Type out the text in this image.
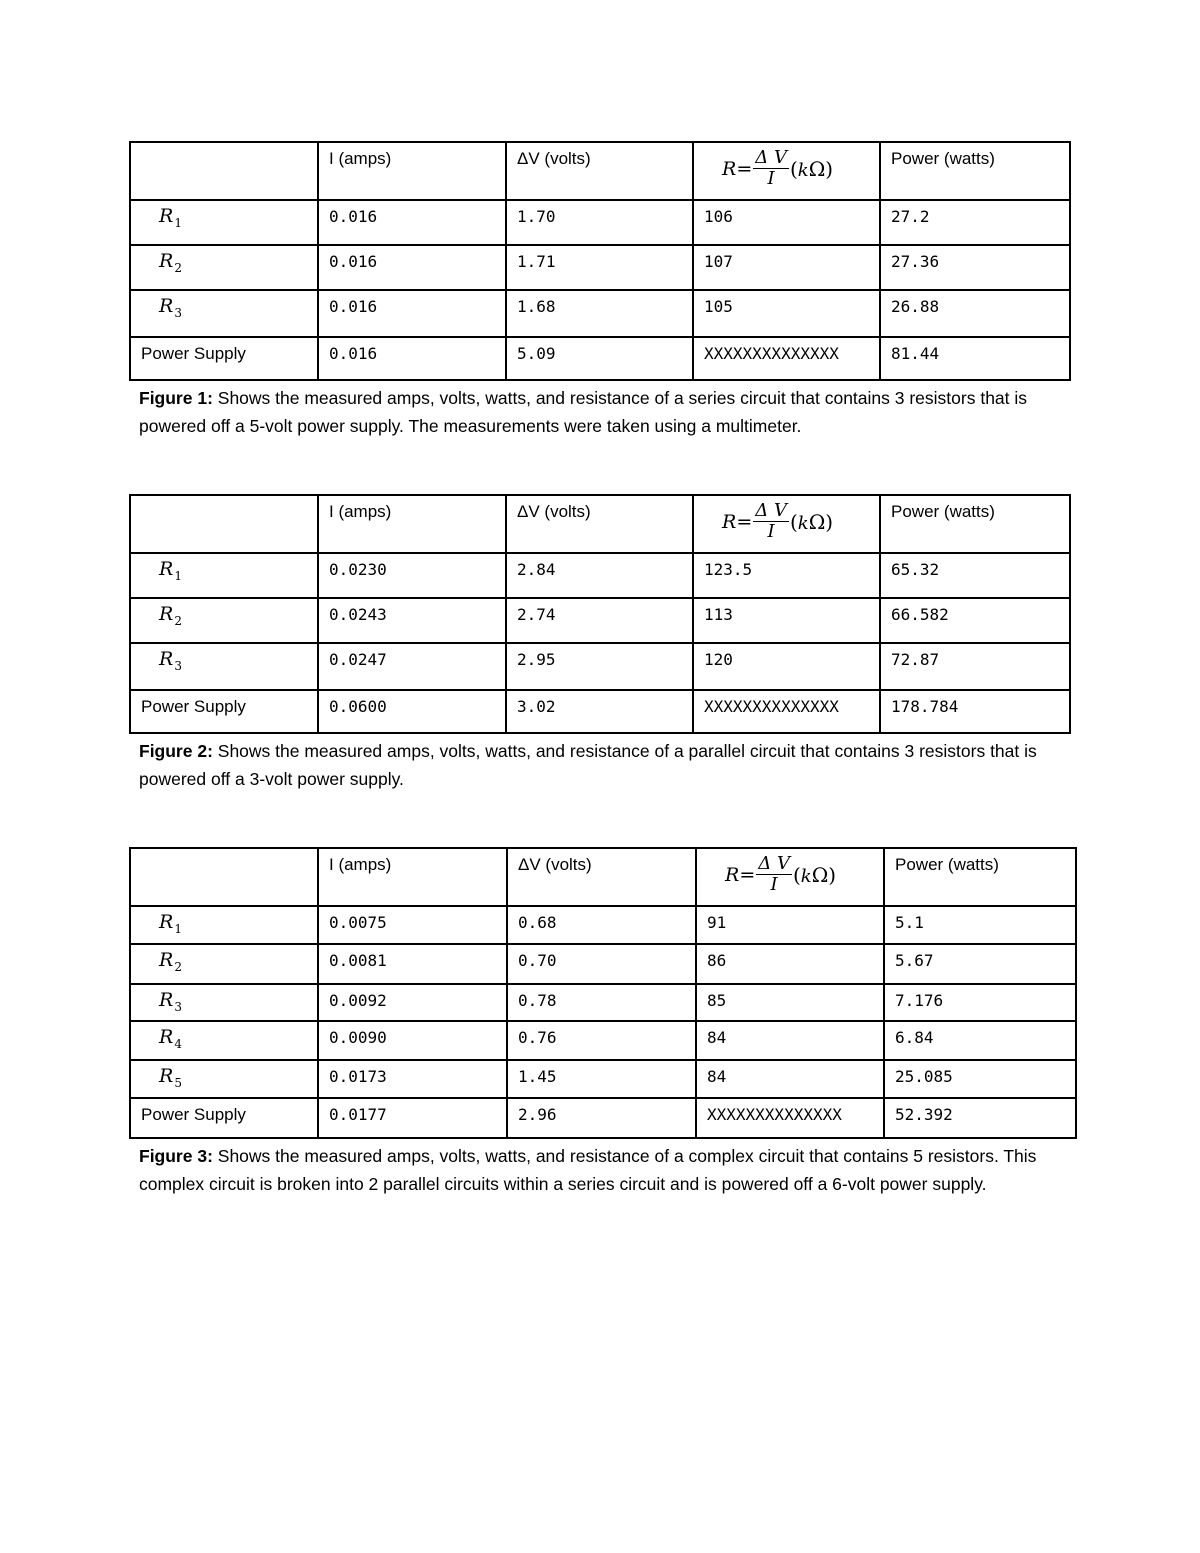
	I (amps)	ΔV (volts)	$R = \frac{\text{Δ V}}{I} (k\Omega)$	Power (watts)
$R_1$	0.016	1.70	106	27.2
$R_2$	0.016	1.71	107	27.36
$R_3$	0.016	1.68	105	26.88
Power Supply	0.016	5.09	XXXXXXXXXXXXXX	81.44

Figure 1: Shows the measured amps, volts, watts, and resistance of a series circuit that contains 3 resistors that is powered off a 5-volt power supply. The measurements were taken using a multimeter.

	I (amps)	ΔV (volts)	$R = \frac{\text{Δ V}}{I} (k\Omega)$	Power (watts)
$R_1$	0.0230	2.84	123.5	65.32
$R_2$	0.0243	2.74	113	66.582
$R_3$	0.0247	2.95	120	72.87
Power Supply	0.0600	3.02	XXXXXXXXXXXXXX	178.784

Figure 2: Shows the measured amps, volts, watts, and resistance of a parallel circuit that contains 3 resistors that is powered off a 3-volt power supply.

	I (amps)	ΔV (volts)	$R = \frac{\text{Δ V}}{I} (k\Omega)$	Power (watts)
$R_1$	0.0075	0.68	91	5.1
$R_2$	0.0081	0.70	86	5.67
$R_3$	0.0092	0.78	85	7.176
$R_4$	0.0090	0.76	84	6.84
$R_5$	0.0173	1.45	84	25.085
Power Supply	0.0177	2.96	XXXXXXXXXXXXXX	52.392

Figure 3: Shows the measured amps, volts, watts, and resistance of a complex circuit that contains 5 resistors. This complex circuit is broken into 2 parallel circuits within a series circuit and is powered off a 6-volt power supply.
